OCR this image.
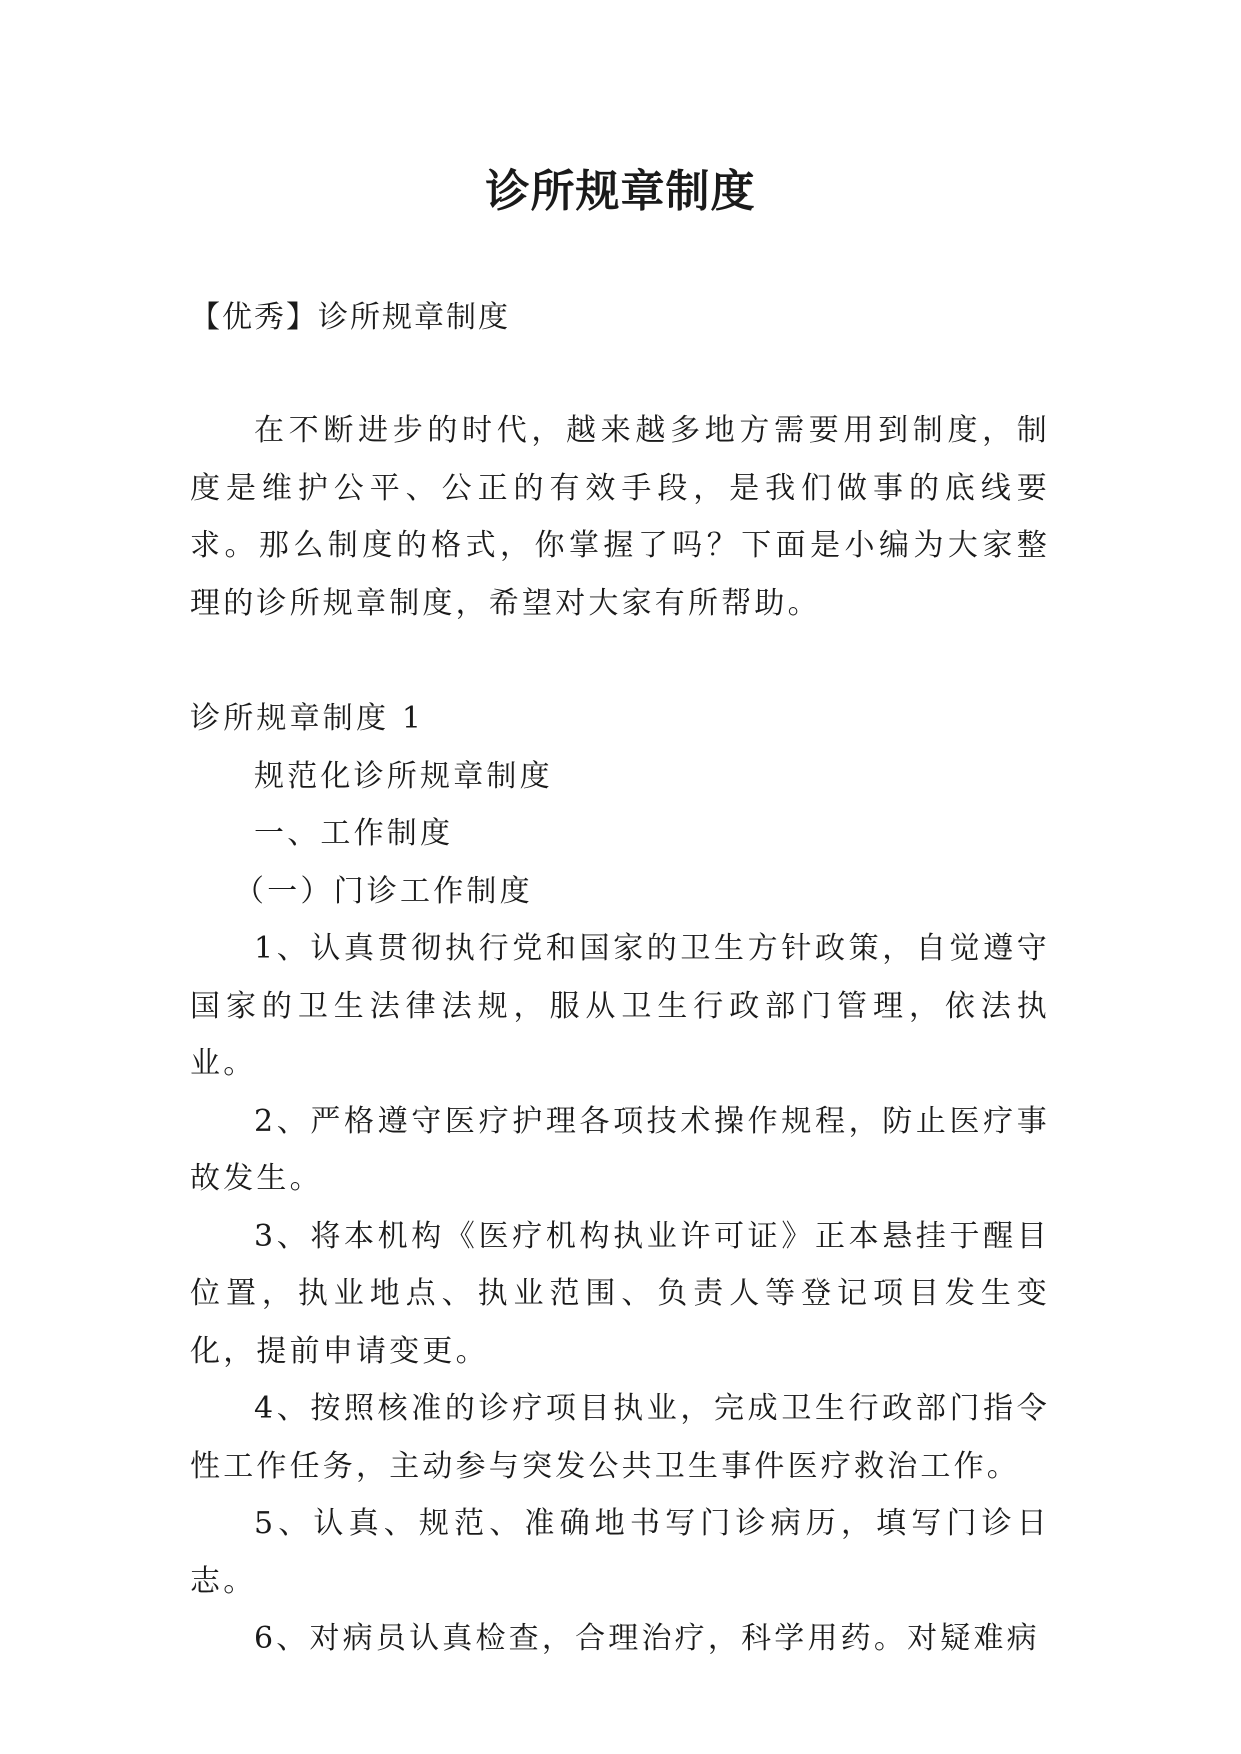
诊所规章制度

【优秀】诊所规章制度

在不断进步的时代，越来越多地方需要用到制度，制度是维护公平、公正的有效手段，是我们做事的底线要求。那么制度的格式，你掌握了吗？下面是小编为大家整理的诊所规章制度，希望对大家有所帮助。

诊所规章制度 1

规范化诊所规章制度

一、工作制度

（一）门诊工作制度

1、认真贯彻执行党和国家的卫生方针政策，自觉遵守国家的卫生法律法规，服从卫生行政部门管理，依法执业。

2、严格遵守医疗护理各项技术操作规程，防止医疗事故发生。

3、将本机构《医疗机构执业许可证》正本悬挂于醒目位置，执业地点、执业范围、负责人等登记项目发生变化，提前申请变更。

4、按照核准的诊疗项目执业，完成卫生行政部门指令性工作任务，主动参与突发公共卫生事件医疗救治工作。

5、认真、规范、准确地书写门诊病历，填写门诊日志。

6、对病员认真检查，合理治疗，科学用药。对疑难病
